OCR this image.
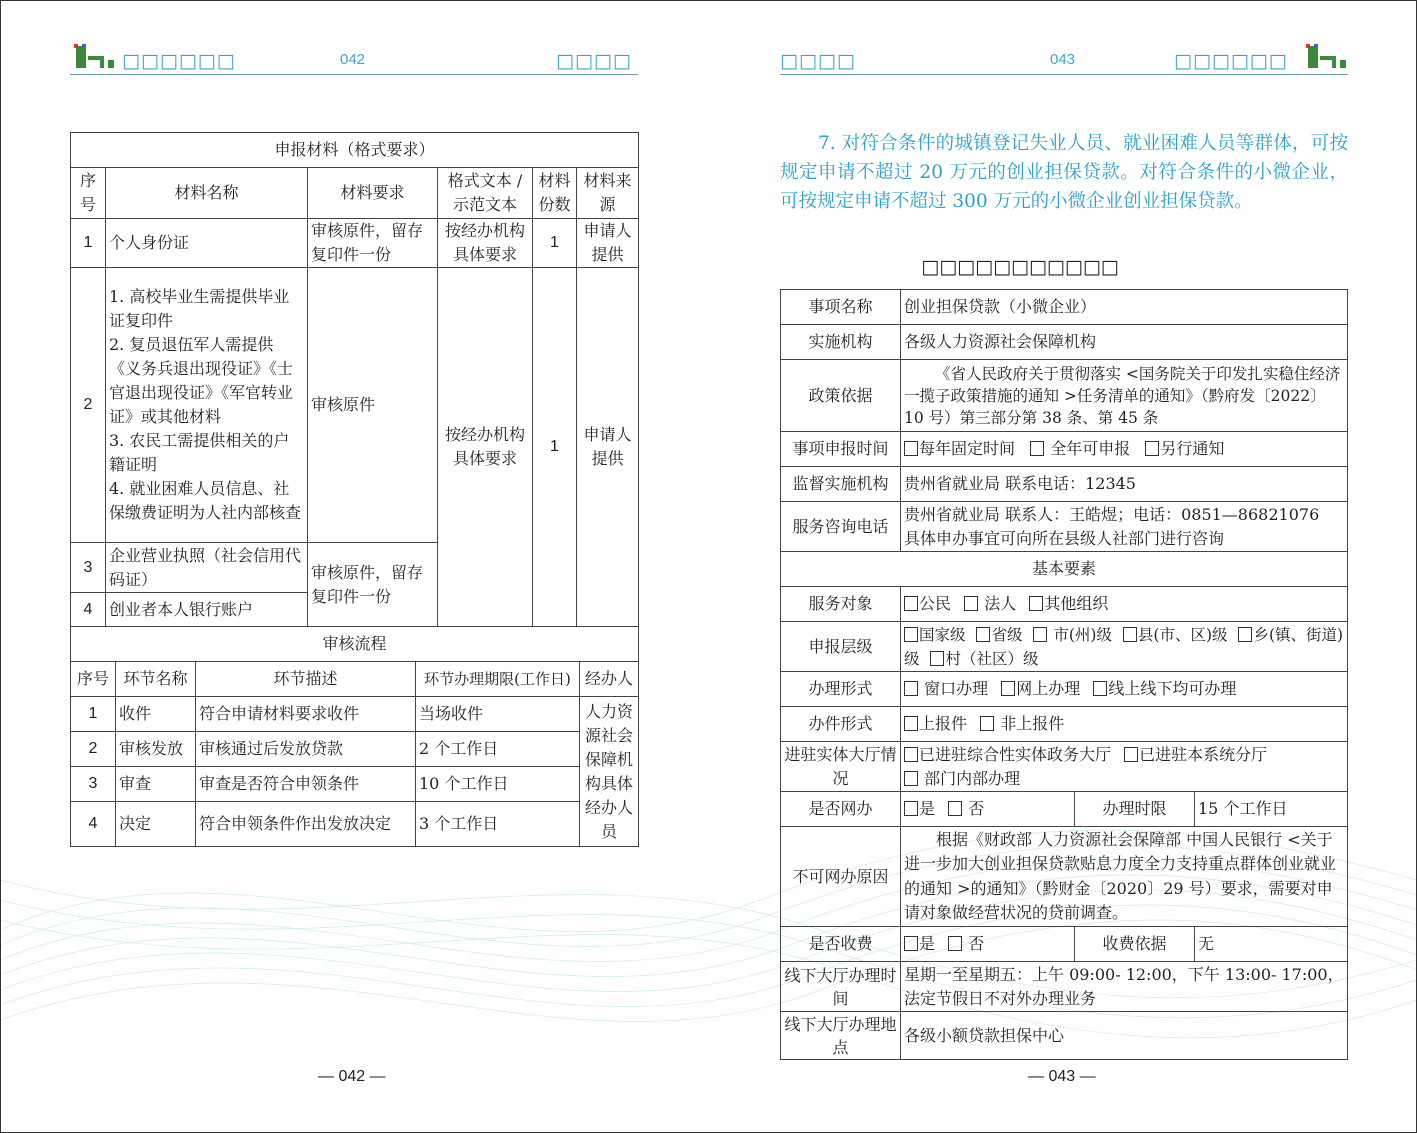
□□□□□□	042	□□□□	□□□□	043	□□□□□□
申报材料（格式要求）					
序号	材料名称	材料要求	格式文本 / 示范文本	材料份数	材料来源
1	个人身份证	审核原件，留存复印件一份	按经办机构具体要求	1	申请人提供
2	1. 高校毕业生需提供毕业证复印件
2. 复员退伍军人需提供《义务兵退出现役证》《士官退出现役证》《军官转业证》或其他材料
3. 农民工需提供相关的户籍证明
4. 就业困难人员信息、社保缴费证明为人社内部核查	审核原件	按经办机构具体要求	1	申请人提供
3	企业营业执照（社会信用代码证）	审核原件，留存复印件一份			
4	创业者本人银行账户				
审核流程				
序号	环节名称	环节描述	环节办理期限(工作日)	经办人
1	收件	符合申请材料要求收件	当场收件	人力资源社会保障机构具体经办人员
2	审核发放	审核通过后发放贷款	2 个工作日	
3	审查	审查是否符合申领条件	10 个工作日	
4	决定	符合申领条件作出发放决定	3 个工作日	
— 042 —
7. 对符合条件的城镇登记失业人员、就业困难人员等群体，可按规定申请不超过 20 万元的创业担保贷款。对符合条件的小微企业，可按规定申请不超过 300 万元的小微企业创业担保贷款。
□□□□□□□□□□□
事项名称	创业担保贷款（小微企业）		
实施机构	各级人力资源社会保障机构		
政策依据	《省人民政府关于贯彻落实 <国务院关于印发扎实稳住经济一揽子政策措施的通知 >任务清单的通知》（黔府发〔2022〕10 号）第三部分第 38 条、第 45 条		
事项申报时间	每年固定时间 全年可申报 另行通知		
监督实施机构	贵州省就业局 联系电话：12345		
服务咨询电话	贵州省就业局 联系人：王皓煜；电话：0851—86821076
具体申办事宜可向所在县级人社部门进行咨询		

基本要素			
服务对象	公民 法人 其他组织		
申报层级	国家级 省级 市(州)级 县(市、区)级 乡(镇、街道)级 村（社区）级		
办理形式	窗口办理 网上办理 线上线下均可办理		
办件形式	上报件 非上报件		
进驻实体大厅情况	已进驻综合性实体政务大厅 已进驻本系统分厅
部门内部办理		

是否网办	是 否	办理时限	15 个工作日
不可网办原因	根据《财政部 人力资源社会保障部 中国人民银行 <关于进一步加大创业担保贷款贴息力度全力支持重点群体创业就业的通知 >的通知》（黔财金〔2020〕29 号）要求，需要对申请对象做经营状况的贷前调查。		
是否收费	是 否	收费依据	无
线下大厅办理时间	星期一至星期五：上午 09:00- 12:00，下午 13:00- 17:00，
法定节假日不对外办理业务		

线下大厅办理地点	各级小额贷款担保中心		
— 043 —
